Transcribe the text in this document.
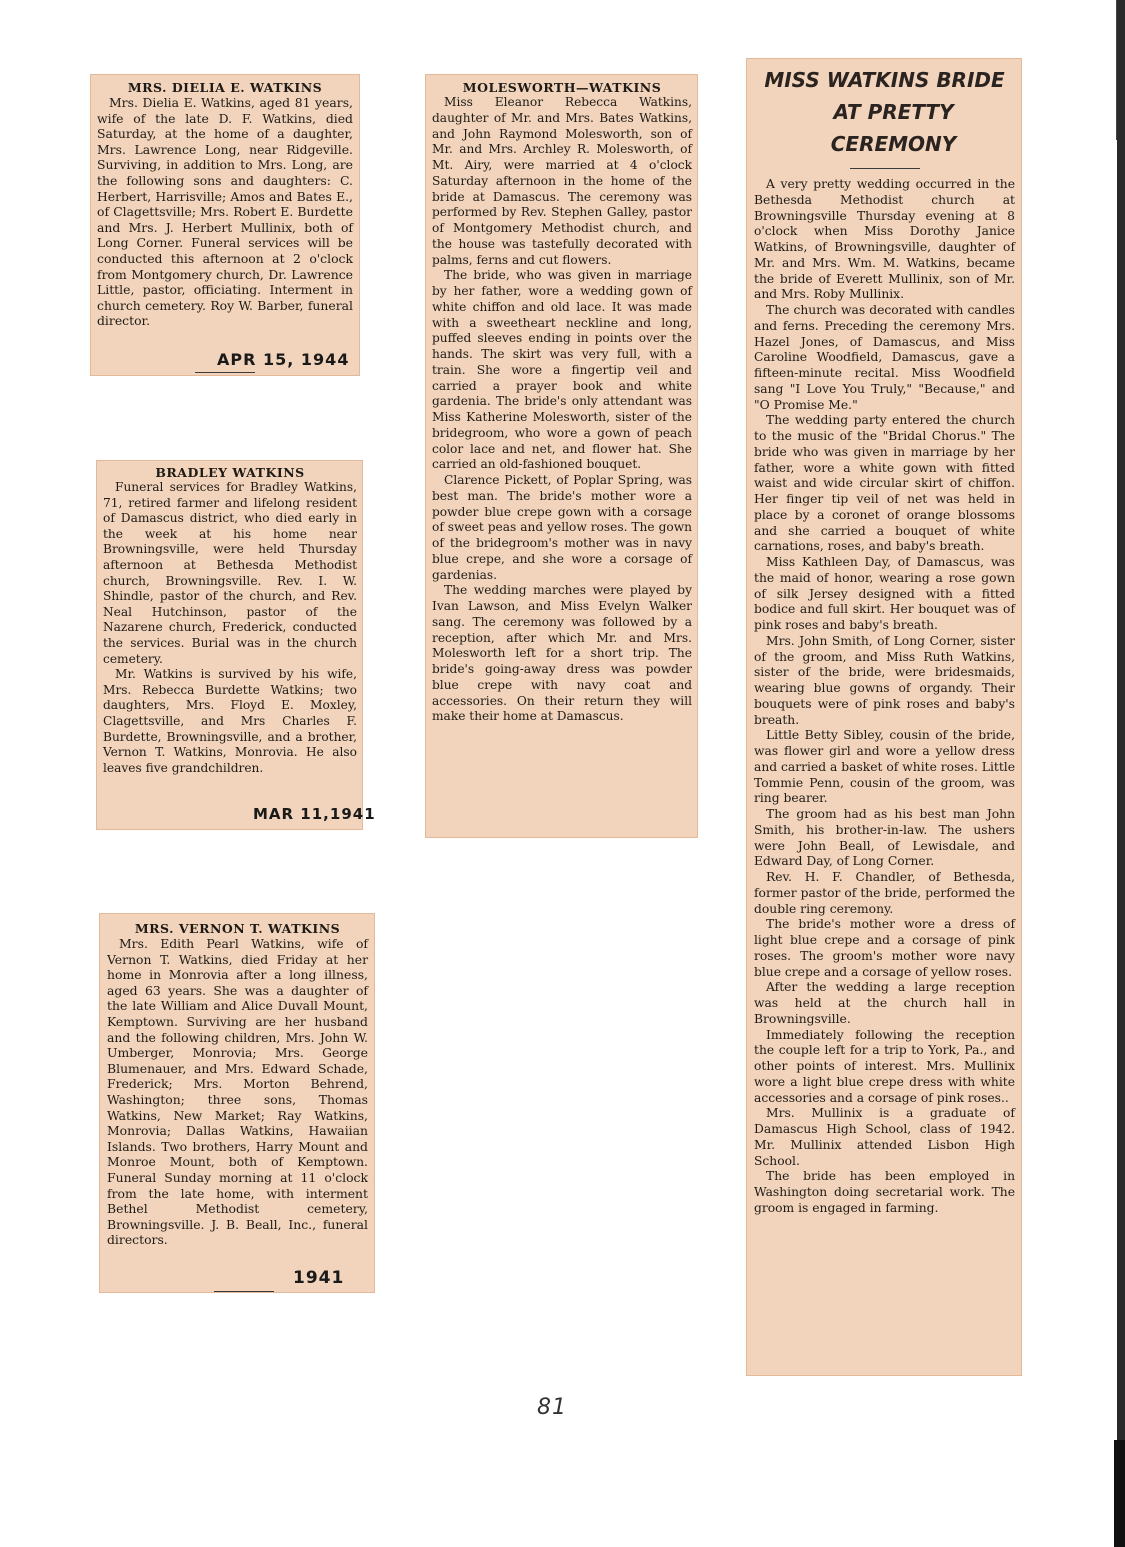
MRS. DIELIA E. WATKINS

Mrs. Dielia E. Watkins, aged 81 years, wife of the late D. F. Watkins, died Saturday, at the home of a daughter, Mrs. Lawrence Long, near Ridgeville. Surviving, in addition to Mrs. Long, are the following sons and daughters: C. Herbert, Harrisville; Amos and Bates E., of Clagettsville; Mrs. Robert E. Burdette and Mrs. J. Herbert Mullinix, both of Long Corner. Funeral services will be conducted this afternoon at 2 o'clock from Montgomery church, Dr. Lawrence Little, pastor, officiating. Interment in church cemetery. Roy W. Barber, funeral director.

APR 15, 1944
BRADLEY WATKINS

Funeral services for Bradley Watkins, 71, retired farmer and lifelong resident of Damascus district, who died early in the week at his home near Browningsville, were held Thursday afternoon at Bethesda Methodist church, Browningsville. Rev. I. W. Shindle, pastor of the church, and Rev. Neal Hutchinson, pastor of the Nazarene church, Frederick, conducted the services. Burial was in the church cemetery.

Mr. Watkins is survived by his wife, Mrs. Rebecca Burdette Watkins; two daughters, Mrs. Floyd E. Moxley, Clagettsville, and Mrs Charles F. Burdette, Browningsville, and a brother, Vernon T. Watkins, Monrovia. He also leaves five grandchildren.

MAR 11,1941
MRS. VERNON T. WATKINS

Mrs. Edith Pearl Watkins, wife of Vernon T. Watkins, died Friday at her home in Monrovia after a long illness, aged 63 years. She was a daughter of the late William and Alice Duvall Mount, Kemptown. Surviving are her husband and the following children, Mrs. John W. Umberger, Monrovia; Mrs. George Blumenauer, and Mrs. Edward Schade, Frederick; Mrs. Morton Behrend, Washington; three sons, Thomas Watkins, New Market; Ray Watkins, Monrovia; Dallas Watkins, Hawaiian Islands. Two brothers, Harry Mount and Monroe Mount, both of Kemptown. Funeral Sunday morning at 11 o'clock from the late home, with interment Bethel Methodist cemetery, Browningsville. J. B. Beall, Inc., funeral directors.

1941
MOLESWORTH—WATKINS

Miss Eleanor Rebecca Watkins, daughter of Mr. and Mrs. Bates Watkins, and John Raymond Molesworth, son of Mr. and Mrs. Archley R. Molesworth, of Mt. Airy, were married at 4 o'clock Saturday afternoon in the home of the bride at Damascus. The ceremony was performed by Rev. Stephen Galley, pastor of Montgomery Methodist church, and the house was tastefully decorated with palms, ferns and cut flowers.

The bride, who was given in marriage by her father, wore a wedding gown of white chiffon and old lace. It was made with a sweetheart neckline and long, puffed sleeves ending in points over the hands. The skirt was very full, with a train. She wore a fingertip veil and carried a prayer book and white gardenia. The bride's only attendant was Miss Katherine Molesworth, sister of the bridegroom, who wore a gown of peach color lace and net, and flower hat. She carried an old-fashioned bouquet.

Clarence Pickett, of Poplar Spring, was best man. The bride's mother wore a powder blue crepe gown with a corsage of sweet peas and yellow roses. The gown of the bridegroom's mother was in navy blue crepe, and she wore a corsage of gardenias.

The wedding marches were played by Ivan Lawson, and Miss Evelyn Walker sang. The ceremony was followed by a reception, after which Mr. and Mrs. Molesworth left for a short trip. The bride's going-away dress was powder blue crepe with navy coat and accessories. On their return they will make their home at Damascus.

MISS WATKINS BRIDE
AT PRETTY CEREMONY

A very pretty wedding occurred in the Bethesda Methodist church at Browningsville Thursday evening at 8 o'clock when Miss Dorothy Janice Watkins, of Browningsville, daughter of Mr. and Mrs. Wm. M. Watkins, became the bride of Everett Mullinix, son of Mr. and Mrs. Roby Mullinix.

The church was decorated with candles and ferns. Preceding the ceremony Mrs. Hazel Jones, of Damascus, and Miss Caroline Woodfield, Damascus, gave a fifteen-minute recital. Miss Woodfield sang "I Love You Truly," "Because," and "O Promise Me."

The wedding party entered the church to the music of the "Bridal Chorus." The bride who was given in marriage by her father, wore a white gown with fitted waist and wide circular skirt of chiffon. Her finger tip veil of net was held in place by a coronet of orange blossoms and she carried a bouquet of white carnations, roses, and baby's breath.

Miss Kathleen Day, of Damascus, was the maid of honor, wearing a rose gown of silk Jersey designed with a fitted bodice and full skirt. Her bouquet was of pink roses and baby's breath.

Mrs. John Smith, of Long Corner, sister of the groom, and Miss Ruth Watkins, sister of the bride, were bridesmaids, wearing blue gowns of organdy. Their bouquets were of pink roses and baby's breath.

Little Betty Sibley, cousin of the bride, was flower girl and wore a yellow dress and carried a basket of white roses. Little Tommie Penn, cousin of the groom, was ring bearer.

The groom had as his best man John Smith, his brother-in-law. The ushers were John Beall, of Lewisdale, and Edward Day, of Long Corner.

Rev. H. F. Chandler, of Bethesda, former pastor of the bride, performed the double ring ceremony.

The bride's mother wore a dress of light blue crepe and a corsage of pink roses. The groom's mother wore navy blue crepe and a corsage of yellow roses.

After the wedding a large reception was held at the church hall in Browningsville.

Immediately following the reception the couple left for a trip to York, Pa., and other points of interest. Mrs. Mullinix wore a light blue crepe dress with white accessories and a corsage of pink roses..

Mrs. Mullinix is a graduate of Damascus High School, class of 1942. Mr. Mullinix attended Lisbon High School.

The bride has been employed in Washington doing secretarial work. The groom is engaged in farming.

81
